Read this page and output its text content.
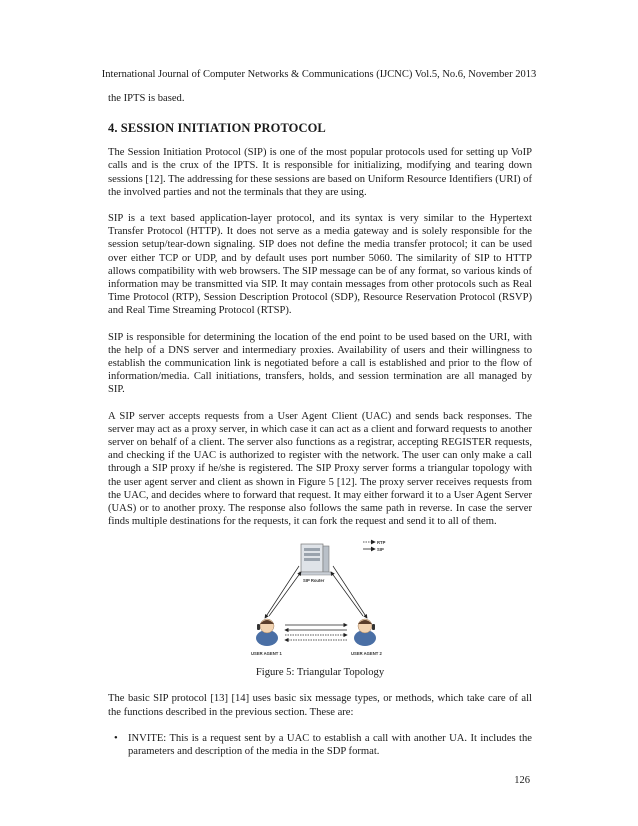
International Journal of Computer Networks & Communications (IJCNC) Vol.5, No.6, November 2013

the IPTS is based.

4. SESSION INITIATION PROTOCOL

The Session Initiation Protocol (SIP) is one of the most popular protocols used for setting up VoIP calls and is the crux of the IPTS. It is responsible for initializing, modifying and tearing down sessions [12]. The addressing for these sessions are based on Uniform Resource Identifiers (URI) of the involved parties and not the terminals that they are using.

SIP is a text based application-layer protocol, and its syntax is very similar to the Hypertext Transfer Protocol (HTTP). It does not serve as a media gateway and is solely responsible for the session setup/tear-down signaling. SIP does not define the media transfer protocol; it can be used over either TCP or UDP, and by default uses port number 5060. The similarity of SIP to HTTP allows compatibility with web browsers. The SIP message can be of any format, so various kinds of information may be transmitted via SIP. It may contain messages from other protocols such as Real Time Protocol (RTP), Session Description Protocol (SDP), Resource Reservation Protocol (RSVP) and Real Time Streaming Protocol (RTSP).

SIP is responsible for determining the location of the end point to be used based on the URI, with the help of a DNS server and intermediary proxies. Availability of users and their willingness to establish the communication link is negotiated before a call is established and prior to the flow of information/media. Call initiations, transfers, holds, and session termination are all managed by SIP.

A SIP server accepts requests from a User Agent Client (UAC) and sends back responses. The server may act as a proxy server, in which case it can act as a client and forward requests to another server on behalf of a client. The server also functions as a registrar, accepting REGISTER requests, and checking if the UAC is authorized to register with the network. The user can only make a call through a SIP proxy if he/she is registered. The SIP Proxy server forms a triangular topology with the user agent server and client as shown in Figure 5 [12]. The proxy server receives requests from the UAC, and decides where to forward that request. It may either forward it to a User Agent Server (UAS) or to another proxy. The response also follows the same path in reverse. In case the server finds multiple destinations for the requests, it can fork the request and send it to all of them.

SIP Router
RTP
SIP
USER AGENT 1	USER AGENT 2
Figure 5: Triangular Topology

The basic SIP protocol [13] [14] uses basic six message types, or methods, which take care of all the functions described in the previous section. These are:

• INVITE: This is a request sent by a UAC to establish a call with another UA. It includes the parameters and description of the media in the SDP format.

126
